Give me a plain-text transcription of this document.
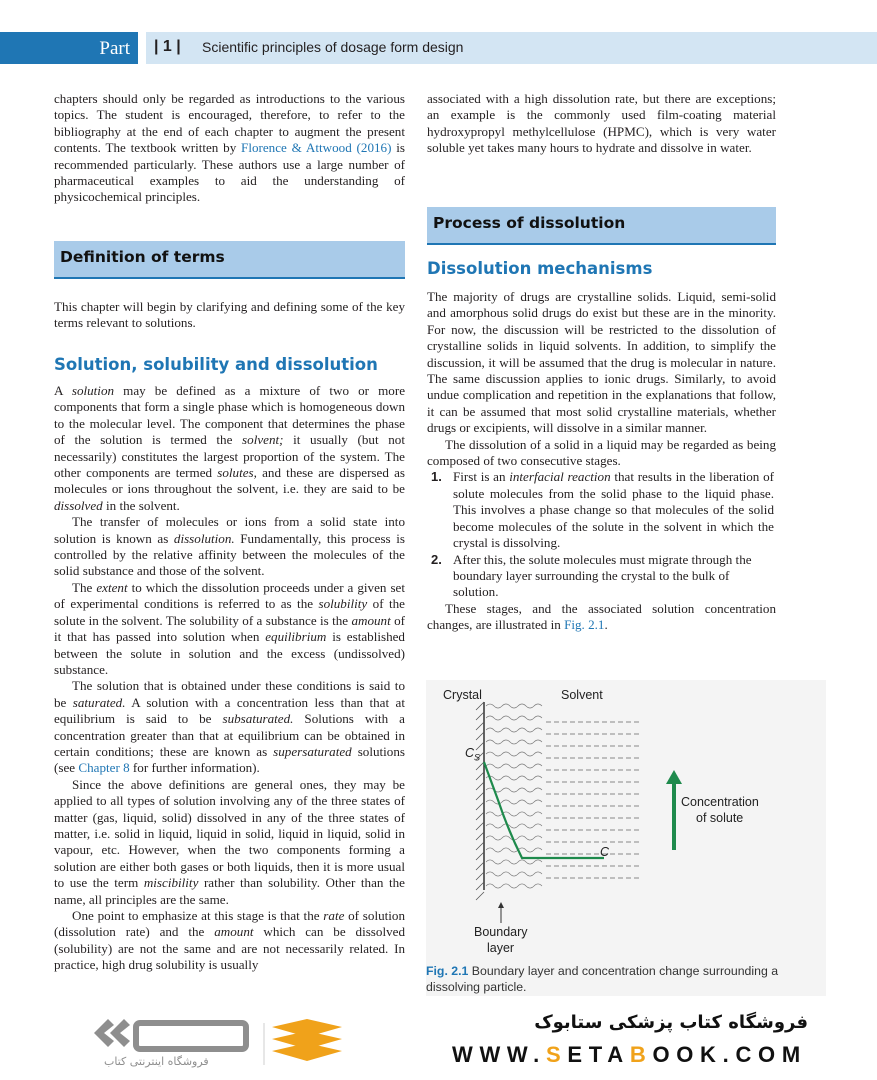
Part | 1 | Scientific principles of dosage form design

chapters should only be regarded as introductions to the various topics. The student is encouraged, therefore, to refer to the bibliography at the end of each chapter to augment the present contents. The textbook written by Florence & Attwood (2016) is recommended particularly. These authors use a large number of pharmaceutical examples to aid the understanding of physicochemical principles.

Definition of terms

This chapter will begin by clarifying and defining some of the key terms relevant to solutions.

Solution, solubility and dissolution

A solution may be defined as a mixture of two or more components that form a single phase which is homogeneous down to the molecular level. The component that determines the phase of the solution is termed the solvent; it usually (but not necessarily) constitutes the largest proportion of the system. The other components are termed solutes, and these are dispersed as molecules or ions throughout the solvent, i.e. they are said to be dissolved in the solvent.

The transfer of molecules or ions from a solid state into solution is known as dissolution. Fundamentally, this process is controlled by the relative affinity between the molecules of the solid substance and those of the solvent.

The extent to which the dissolution proceeds under a given set of experimental conditions is referred to as the solubility of the solute in the solvent. The solubility of a substance is the amount of it that has passed into solution when equilibrium is established between the solute in solution and the excess (undissolved) substance.

The solution that is obtained under these conditions is said to be saturated. A solution with a concentration less than that at equilibrium is said to be subsaturated. Solutions with a concentration greater than that at equilibrium can be obtained in certain conditions; these are known as supersaturated solutions (see Chapter 8 for further information).

Since the above definitions are general ones, they may be applied to all types of solution involving any of the three states of matter (gas, liquid, solid) dissolved in any of the three states of matter, i.e. solid in liquid, liquid in solid, liquid in liquid, solid in vapour, etc. However, when the two components forming a solution are either both gases or both liquids, then it is more usual to use the term miscibility rather than solubility. Other than the name, all principles are the same.

One point to emphasize at this stage is that the rate of solution (dissolution rate) and the amount which can be dissolved (solubility) are not the same and are not necessarily related. In practice, high drug solubility is usually

associated with a high dissolution rate, but there are exceptions; an example is the commonly used film-coating material hydroxypropyl methylcellulose (HPMC), which is very water soluble yet takes many hours to hydrate and dissolve in water.

Process of dissolution
Dissolution mechanisms

The majority of drugs are crystalline solids. Liquid, semi-solid and amorphous solid drugs do exist but these are in the minority. For now, the discussion will be restricted to the dissolution of crystalline solids in liquid solvents. In addition, to simplify the discussion, it will be assumed that the drug is molecular in nature. The same discussion applies to ionic drugs. Similarly, to avoid undue complication and repetition in the explanations that follow, it can be assumed that most solid crystalline materials, whether drugs or excipients, will dissolve in a similar manner.

The dissolution of a solid in a liquid may be regarded as being composed of two consecutive stages.

1. First is an interfacial reaction that results in the liberation of solute molecules from the solid phase to the liquid phase. This involves a phase change so that molecules of the solid become molecules of the solute in the solvent in which the crystal is dissolving.
2. After this, the solute molecules must migrate through the boundary layer surrounding the crystal to the bulk of solution.

These stages, and the associated solution concentration changes, are illustrated in Fig. 2.1.

Crystal	Solvent
$C_S$
C
Concentration
of solute
Boundary
layer
Fig. 2.1 Boundary layer and concentration change surrounding a dissolving particle.
فروشگاه اینترنتی کتاب
فروشگاه کتاب پزشکی ستابوک
WWW.SETABOOK.COM
